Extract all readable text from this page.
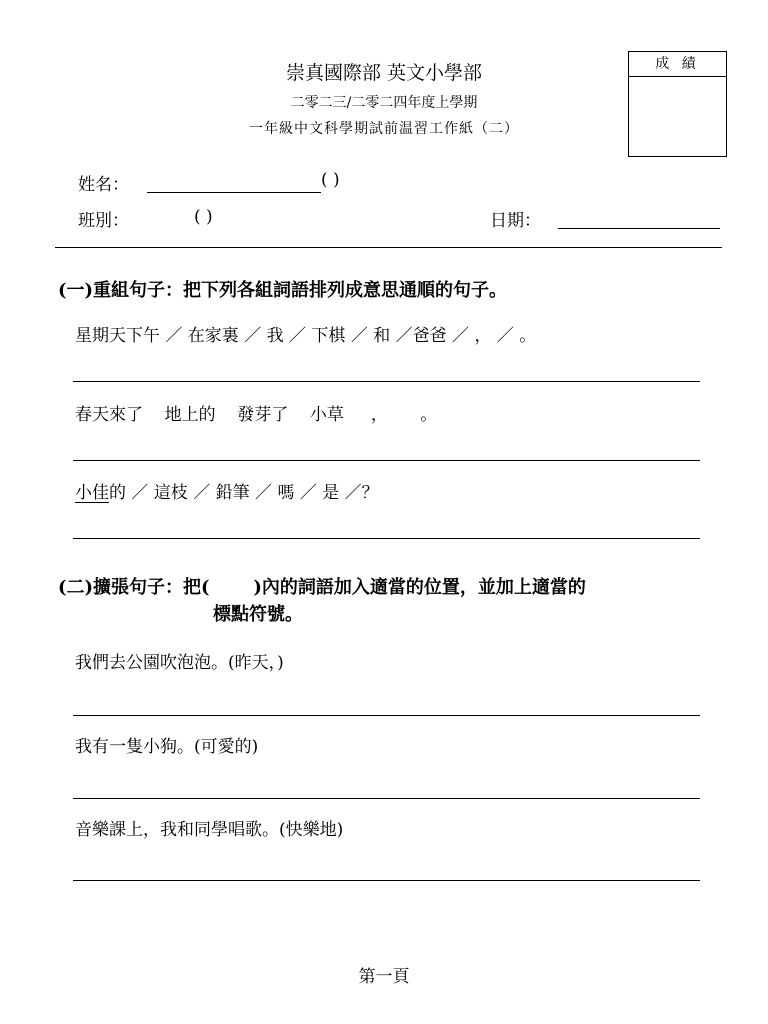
崇真國際部 英文小學部
二零二三/二零二四年度上學期
一年級中文科學期試前温習工作紙（二）
成 績
姓名：	( )
班別：	( )	日期：
(一)重組句子：把下列各組詞語排列成意思通順的句子。
星期天下午 ／ 在家裏 ／ 我 ／ 下棋 ／ 和 ／爸爸 ／ ， ／ 。
春天來了    地上的    發芽了    小草     ，      。
小佳的 ／ 這枝 ／ 鉛筆 ／ 嗎 ／ 是 ／？
(二)擴張句子：把(       )內的詞語加入適當的位置，並加上適當的
標點符號。
我們去公園吹泡泡。(昨天，)
我有一隻小狗。(可愛的)
音樂課上，我和同學唱歌。(快樂地)
第一頁
